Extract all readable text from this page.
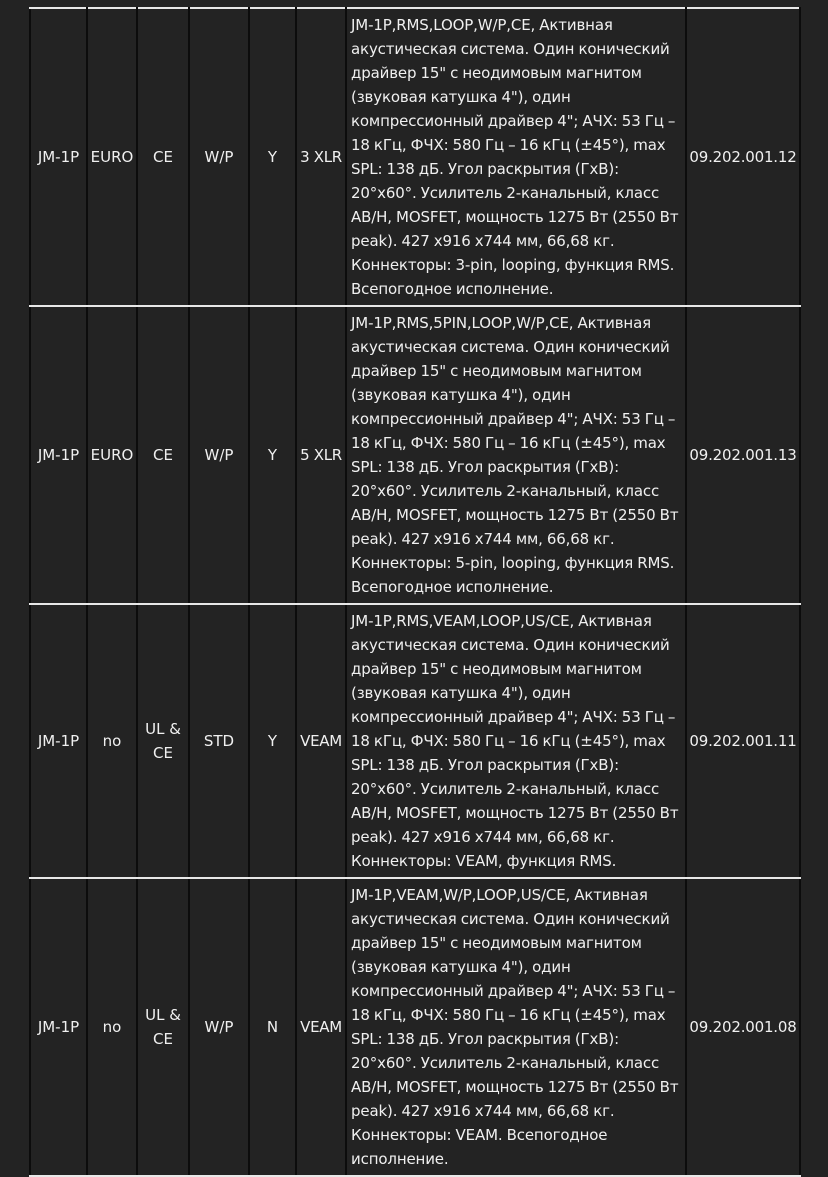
JM-1P	EURO	CE	W/P	Y	3 XLR	JM-1P,RMS,LOOP,W/P,CE, Активная акустическая система. Один конический драйвер 15" с неодимовым магнитом (звуковая катушка 4"), один компрессионный драйвер 4"; АЧХ: 53 Гц – 18 кГц, ФЧХ: 580 Гц – 16 кГц (±45°), max SPL: 138 дБ. Угол раскрытия (ГхВ): 20°x60°. Усилитель 2-канальный, класс AB/H, MOSFET, мощность 1275 Вт (2550 Вт peak). 427 x916 x744 мм, 66,68 кг. Коннекторы: 3-pin, looping, функция RMS. Всепогодное исполнение.	09.202.001.12
JM-1P	EURO	CE	W/P	Y	5 XLR	JM-1P,RMS,5PIN,LOOP,W/P,CE, Активная акустическая система. Один конический драйвер 15" с неодимовым магнитом (звуковая катушка 4"), один компрессионный драйвер 4"; АЧХ: 53 Гц – 18 кГц, ФЧХ: 580 Гц – 16 кГц (±45°), max SPL: 138 дБ. Угол раскрытия (ГхВ): 20°x60°. Усилитель 2-канальный, класс AB/H, MOSFET, мощность 1275 Вт (2550 Вт peak). 427 x916 x744 мм, 66,68 кг. Коннекторы: 5-pin, looping, функция RMS. Всепогодное исполнение.	09.202.001.13
JM-1P	no	UL & CE	STD	Y	VEAM	JM-1P,RMS,VEAM,LOOP,US/CE, Активная акустическая система. Один конический драйвер 15" с неодимовым магнитом (звуковая катушка 4"), один компрессионный драйвер 4"; АЧХ: 53 Гц – 18 кГц, ФЧХ: 580 Гц – 16 кГц (±45°), max SPL: 138 дБ. Угол раскрытия (ГхВ): 20°x60°. Усилитель 2-канальный, класс AB/H, MOSFET, мощность 1275 Вт (2550 Вт peak). 427 x916 x744 мм, 66,68 кг. Коннекторы: VEAM, функция RMS.	09.202.001.11
JM-1P	no	UL & CE	W/P	N	VEAM	JM-1P,VEAM,W/P,LOOP,US/CE, Активная акустическая система. Один конический драйвер 15" с неодимовым магнитом (звуковая катушка 4"), один компрессионный драйвер 4"; АЧХ: 53 Гц – 18 кГц, ФЧХ: 580 Гц – 16 кГц (±45°), max SPL: 138 дБ. Угол раскрытия (ГхВ): 20°x60°. Усилитель 2-канальный, класс AB/H, MOSFET, мощность 1275 Вт (2550 Вт peak). 427 x916 x744 мм, 66,68 кг. Коннекторы: VEAM. Всепогодное исполнение.	09.202.001.08
